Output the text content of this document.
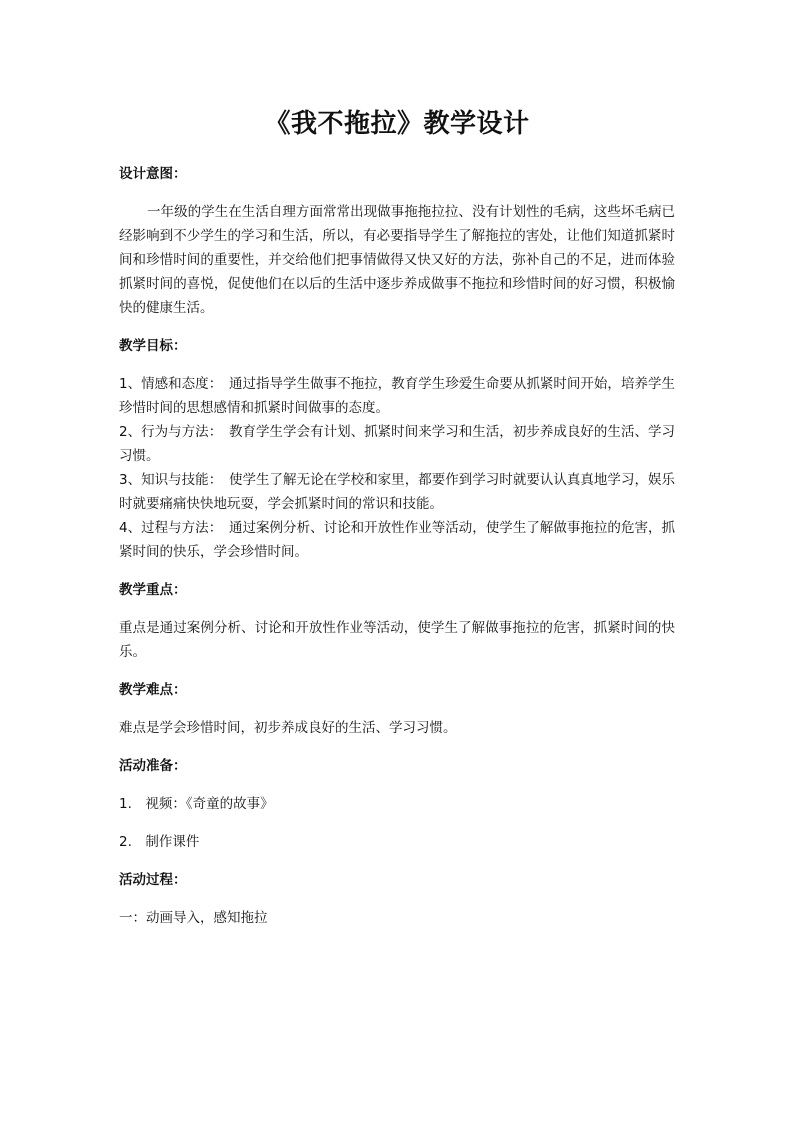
《我不拖拉》教学设计

设计意图：

一年级的学生在生活自理方面常常出现做事拖拖拉拉、没有计划性的毛病，这些坏毛病已经影响到不少学生的学习和生活，所以，有必要指导学生了解拖拉的害处，让他们知道抓紧时间和珍惜时间的重要性，并交给他们把事情做得又快又好的方法，弥补自己的不足，进而体验抓紧时间的喜悦，促使他们在以后的生活中逐步养成做事不拖拉和珍惜时间的好习惯，积极愉快的健康生活。

教学目标：

1、情感和态度：　通过指导学生做事不拖拉，教育学生珍爱生命要从抓紧时间开始，培养学生珍惜时间的思想感情和抓紧时间做事的态度。

2、行为与方法：　教育学生学会有计划、抓紧时间来学习和生活，初步养成良好的生活、学习习惯。

3、知识与技能：　使学生了解无论在学校和家里，都要作到学习时就要认认真真地学习，娱乐时就要痛痛快快地玩耍，学会抓紧时间的常识和技能。

4、过程与方法：　通过案例分析、讨论和开放性作业等活动，使学生了解做事拖拉的危害，抓紧时间的快乐，学会珍惜时间。

教学重点：

重点是通过案例分析、讨论和开放性作业等活动，使学生了解做事拖拉的危害，抓紧时间的快乐。

教学难点：

难点是学会珍惜时间，初步养成良好的生活、学习习惯。

活动准备：

1.　视频：《奇童的故事》

2.　制作课件

活动过程：

一：动画导入，感知拖拉
